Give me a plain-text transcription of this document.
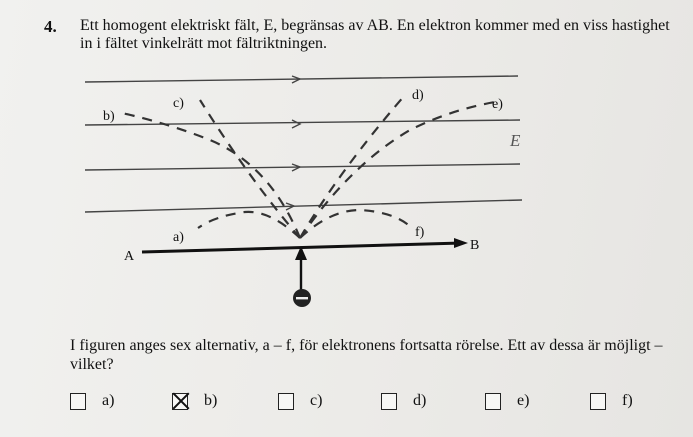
4. Ett homogent elektriskt fält, E, begränsas av AB. En elektron kommer med en viss hastighet in i fältet vinkelrätt mot fältriktningen.
A
B
E
a)
b)
c)
d)
e)
f)
I figuren anges sex alternativ, a – f, för elektronens fortsatta rörelse. Ett av dessa är möjligt – vilket?
a)	b)	c)	d)	e)	f)
